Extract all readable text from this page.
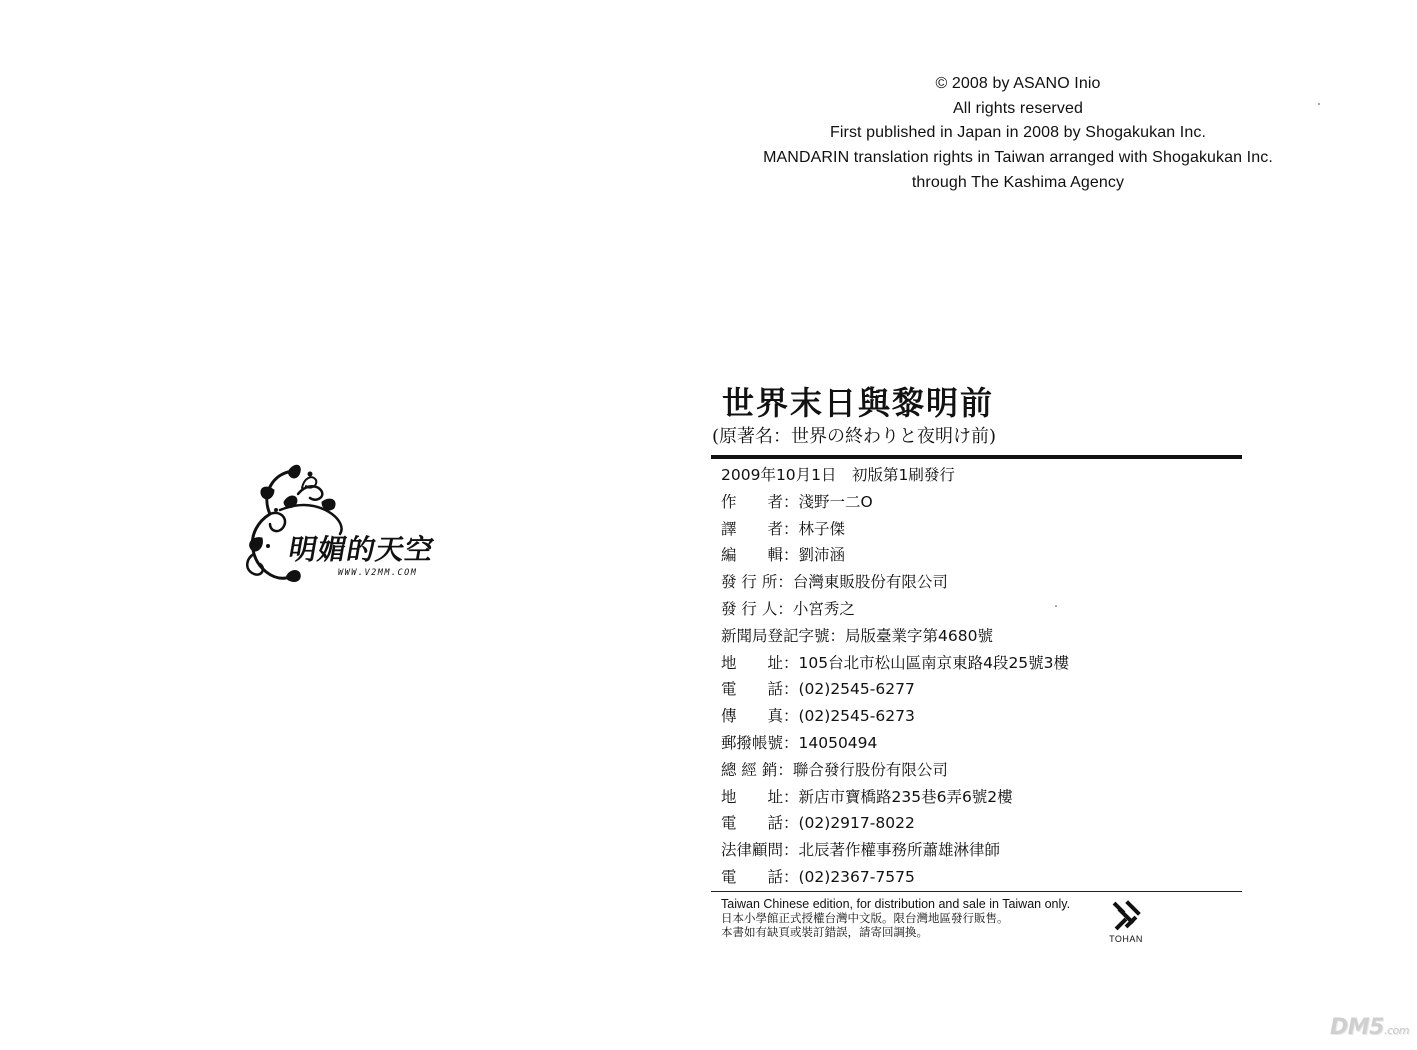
明媚的天空
WWW.V2MM.COM
© 2008 by ASANO Inio
All rights reserved
First published in Japan in 2008 by Shogakukan Inc.
MANDARIN translation rights in Taiwan arranged with Shogakukan Inc.
through The Kashima Agency
世界末日與黎明前
(原著名：世界の終わりと夜明け前)
2009年10月1日　初版第1刷發行
作　　者：淺野一二O
譯　　者：林子傑
編　　輯：劉沛涵
發 行 所：台灣東販股份有限公司
發 行 人：小宮秀之
新聞局登記字號：局版臺業字第4680號
地　　址：105台北市松山區南京東路4段25號3樓
電　　話：(02)2545-6277
傳　　真：(02)2545-6273
郵撥帳號：14050494
總 經 銷：聯合發行股份有限公司
地　　址：新店市寶橋路235巷6弄6號2樓
電　　話：(02)2917-8022
法律顧問：北辰著作權事務所蕭雄淋律師
電　　話：(02)2367-7575
Taiwan Chinese edition, for distribution and sale in Taiwan only.
日本小學館正式授權台灣中文版。限台灣地區發行販售。
本書如有缺頁或裝訂錯誤，請寄回調換。	TOHAN
DM5.com
